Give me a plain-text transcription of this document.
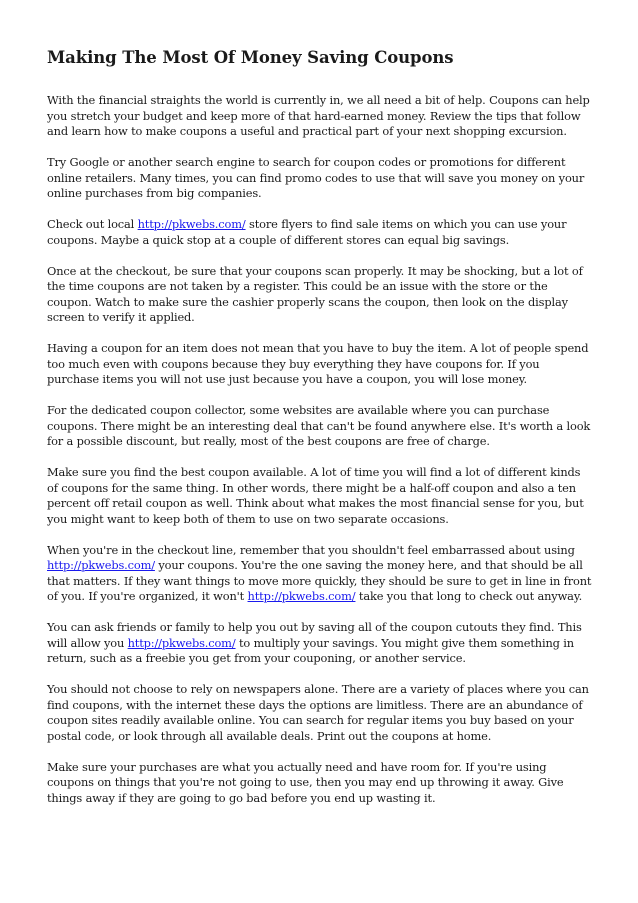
Making The Most Of Money Saving Coupons

With the financial straights the world is currently in, we all need a bit of help. Coupons can help you stretch your budget and keep more of that hard-earned money. Review the tips that follow and learn how to make coupons a useful and practical part of your next shopping excursion.

Try Google or another search engine to search for coupon codes or promotions for different online retailers. Many times, you can find promo codes to use that will save you money on your online purchases from big companies.

Check out local http://pkwebs.com/ store flyers to find sale items on which you can use your coupons. Maybe a quick stop at a couple of different stores can equal big savings.

Once at the checkout, be sure that your coupons scan properly. It may be shocking, but a lot of the time coupons are not taken by a register. This could be an issue with the store or the coupon. Watch to make sure the cashier properly scans the coupon, then look on the display screen to verify it applied.

Having a coupon for an item does not mean that you have to buy the item. A lot of people spend too much even with coupons because they buy everything they have coupons for. If you purchase items you will not use just because you have a coupon, you will lose money.

For the dedicated coupon collector, some websites are available where you can purchase coupons. There might be an interesting deal that can't be found anywhere else. It's worth a look for a possible discount, but really, most of the best coupons are free of charge.

Make sure you find the best coupon available. A lot of time you will find a lot of different kinds of coupons for the same thing. In other words, there might be a half-off coupon and also a ten percent off retail coupon as well. Think about what makes the most financial sense for you, but you might want to keep both of them to use on two separate occasions.

When you're in the checkout line, remember that you shouldn't feel embarrassed about using http://pkwebs.com/ your coupons. You're the one saving the money here, and that should be all that matters. If they want things to move more quickly, they should be sure to get in line in front of you. If you're organized, it won't http://pkwebs.com/ take you that long to check out anyway.

You can ask friends or family to help you out by saving all of the coupon cutouts they find. This will allow you http://pkwebs.com/ to multiply your savings. You might give them something in return, such as a freebie you get from your couponing, or another service.

You should not choose to rely on newspapers alone. There are a variety of places where you can find coupons, with the internet these days the options are limitless. There are an abundance of coupon sites readily available online. You can search for regular items you buy based on your postal code, or look through all available deals. Print out the coupons at home.

Make sure your purchases are what you actually need and have room for. If you're using coupons on things that you're not going to use, then you may end up throwing it away. Give things away if they are going to go bad before you end up wasting it.
